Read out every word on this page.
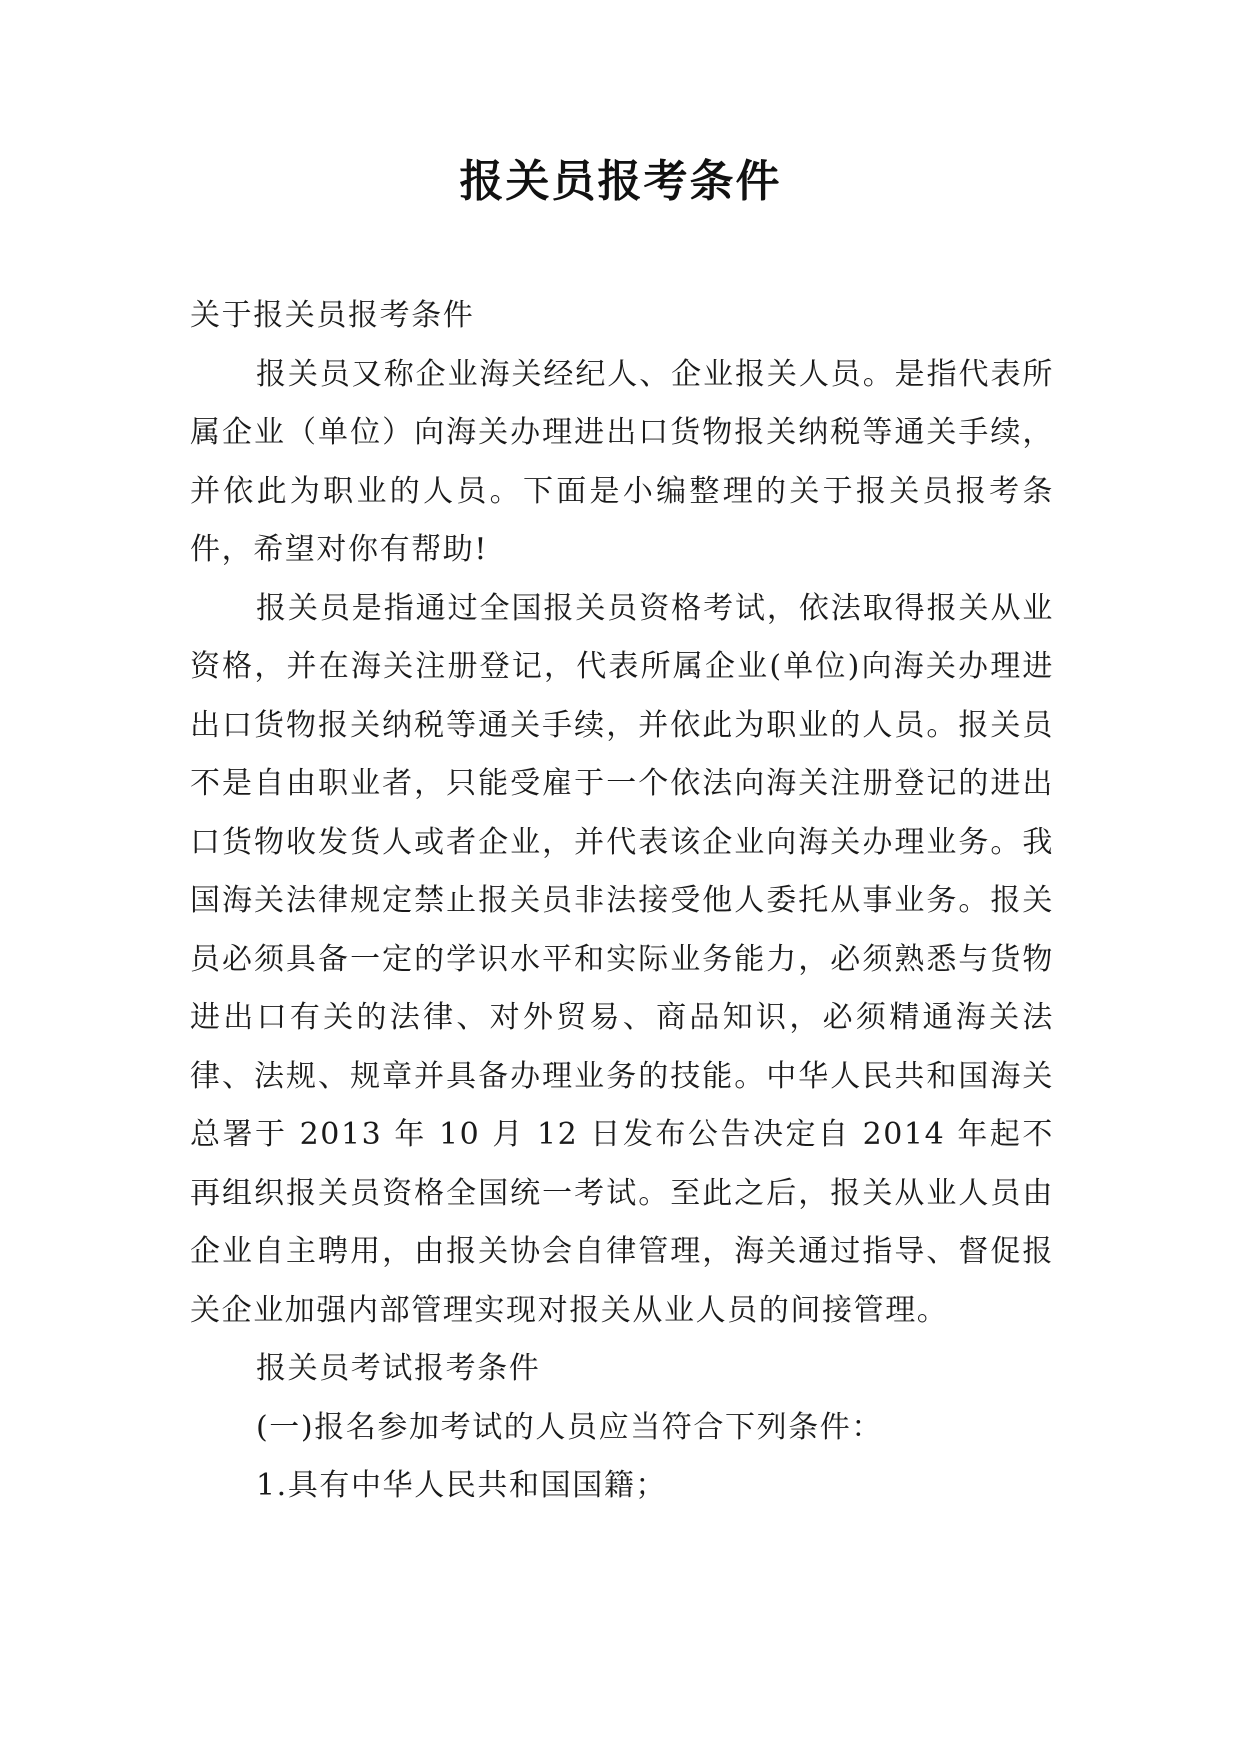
报关员报考条件

关于报关员报考条件

报关员又称企业海关经纪人、企业报关人员。是指代表所属企业（单位）向海关办理进出口货物报关纳税等通关手续，并依此为职业的人员。下面是小编整理的关于报关员报考条件，希望对你有帮助!

报关员是指通过全国报关员资格考试，依法取得报关从业资格，并在海关注册登记，代表所属企业(单位)向海关办理进出口货物报关纳税等通关手续，并依此为职业的人员。报关员不是自由职业者，只能受雇于一个依法向海关注册登记的进出口货物收发货人或者企业，并代表该企业向海关办理业务。我国海关法律规定禁止报关员非法接受他人委托从事业务。报关员必须具备一定的学识水平和实际业务能力，必须熟悉与货物进出口有关的法律、对外贸易、商品知识，必须精通海关法律、法规、规章并具备办理业务的技能。中华人民共和国海关总署于 2013 年 10 月 12 日发布公告决定自 2014 年起不再组织报关员资格全国统一考试。至此之后，报关从业人员由企业自主聘用，由报关协会自律管理，海关通过指导、督促报关企业加强内部管理实现对报关从业人员的间接管理。

报关员考试报考条件

(一)报名参加考试的人员应当符合下列条件：

1.具有中华人民共和国国籍；
